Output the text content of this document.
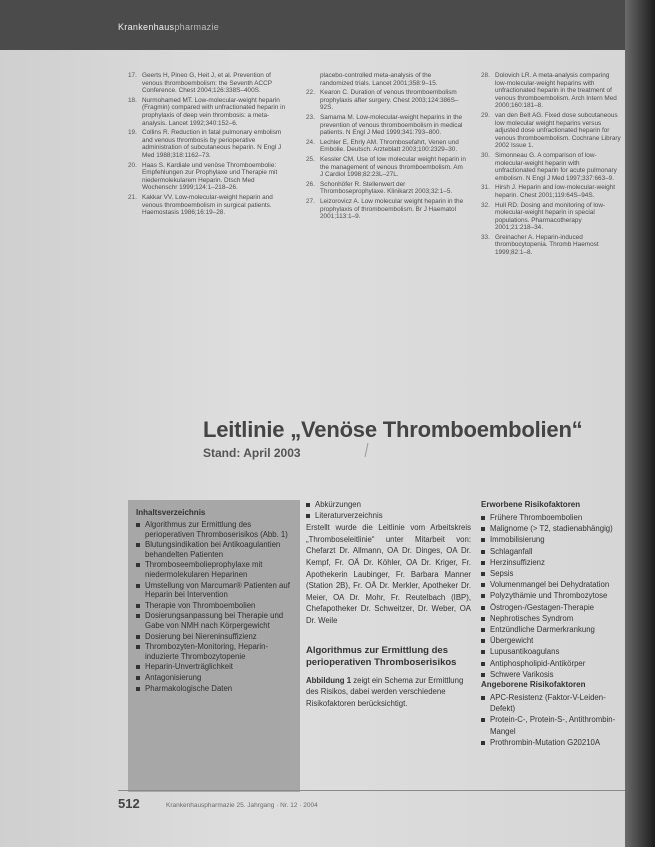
Krankenhauspharmazie
17. Geerts H, Pineo G, Heit J, et al. Prevention of venous thromboembolism: the Seventh ACCP Conference. Chest 2004;126:338S–400S.
18. Nurmohamed MT. Low-molecular-weight heparin (Fragmin) compared with unfractionated heparin in prophylaxis of deep vein thrombosis: a meta-analysis. Lancet 1992;340:152–6.
19. Collins R. Reduction in fatal pulmonary embolism and venous thrombosis by perioperative administration of subcutaneous heparin. N Engl J Med 1988;318:1162–73.
20. Haas S. Kardiale und venöse Thromboembolie: Empfehlungen zur Prophylaxe und Therapie mit niedermolekularem Heparin. Dtsch Med Wochenschr 1999;124:1–218–26.
21. Kakkar VV. Low-molecular-weight heparin and venous thromboembolism in surgical patients. Haemostasis 1986;16:19–28.
placebo-controlled meta-analysis of the randomized trials. Lancet 2001;358:9–15.
22. Kearon C. Duration of venous thromboembolism prophylaxis after surgery. Chest 2003;124:386S–92S.
23. Samama M. Low-molecular-weight heparins in the prevention of venous thromboembolism in medical patients. N Engl J Med 1999;341:793–800.
24. Lechler E, Ehrly AM. Thrombosefahrt, Venen und Embolie. Deutsch. Arzteblatt 2003;100:2329–30.
25. Kessler CM. Use of low molecular weight heparin in the management of venous thromboembolism. Am J Cardiol 1998;82:23L–27L.
26. Schonhöfer R. Stellenwert der Thromboseprophylaxe. Klinikarzt 2003;32:1–5.
27. Leizorovicz A. Low molecular weight heparin in the prophylaxis of thromboembolism. Br J Haematol 2001;113:1–9.
28. Dolovich LR. A meta-analysis comparing low-molecular-weight heparins with unfractionated heparin in the treatment of venous thromboembolism. Arch Intern Med 2000;160:181–8.
29. van den Belt AG. Fixed dose subcutaneous low molecular weight heparins versus adjusted dose unfractionated heparin for venous thromboembolism. Cochrane Library 2002 Issue 1.
30. Simonneau G. A comparison of low-molecular-weight heparin with unfractionated heparin for acute pulmonary embolism. N Engl J Med 1997;337:663–9.
31. Hirsh J. Heparin and low-molecular-weight heparin. Chest 2001;119:64S–94S.
32. Hull RD. Dosing and monitoring of low-molecular-weight heparin in special populations. Pharmacotherapy 2001;21:218–34.
33. Greinacher A. Heparin-induced thrombocytopenia. Thromb Haemost 1999;82:1–8.
Leitlinie „Venöse Thromboembolien“
Stand: April 2003
Inhaltsverzeichnis
Algorithmus zur Ermittlung des perioperativen Thromboserisikos (Abb. 1)
Blutungsindikation bei Antikoagulantien behandelten Patienten
Thromboseembolieprophylaxe mit niedermolekularen Heparinen
Umstellung von Marcumar® Patienten auf Heparin bei Intervention
Therapie von Thromboembolien
Dosierungsanpassung bei Therapie und Gabe von NMH nach Körpergewicht
Dosierung bei Niereninsuffizienz
Thrombozyten-Monitoring, Heparin-induzierte Thrombozytopenie
Heparin-Unverträglichkeit
Antagonisierung
Pharmakologische Daten
Abkürzungen
Literaturverzeichnis
Erstellt wurde die Leitlinie vom Arbeitskreis „Thromboseleitlinie“ unter Mitarbeit von: Chefarzt Dr. Allmann, OA Dr. Dinges, OA Dr. Kempf, Fr. OÄ Dr. Köhler, OA Dr. Kriger, Fr. Apothekerin Laubinger, Fr. Barbara Manner (Station 2B), Fr. OÄ Dr. Merkler, Apotheker Dr. Meier, OA Dr. Mohr, Fr. Reutelbach (IBP), Chefapotheker Dr. Schweitzer, Dr. Weber, OA Dr. Weile
Algorithmus zur Ermittlung des perioperativen Thromboserisikos
Abbildung 1 zeigt ein Schema zur Ermittlung des Risikos, dabei werden verschiedene Risikofaktoren berücksichtigt.
Erworbene Risikofaktoren
Frühere Thromboembolien
Malignome (> T2, stadienabhängig)
Immobilisierung
Schlaganfall
Herzinsuffizienz
Sepsis
Volumenmangel bei Dehydratation
Polyzythämie und Thrombozytose
Östrogen-/Gestagen-Therapie
Nephrotisches Syndrom
Entzündliche Darmerkrankung
Übergewicht
Lupusantikoagulans
Antiphospholipid-Antikörper
Schwere Varikosis
Angeborene Risikofaktoren
APC-Resistenz (Faktor-V-Leiden-Defekt)
Protein-C-, Protein-S-, Antithrombin-Mangel
Prothrombin-Mutation G20210A
512	Krankenhauspharmazie 25. Jahrgang · Nr. 12 · 2004
